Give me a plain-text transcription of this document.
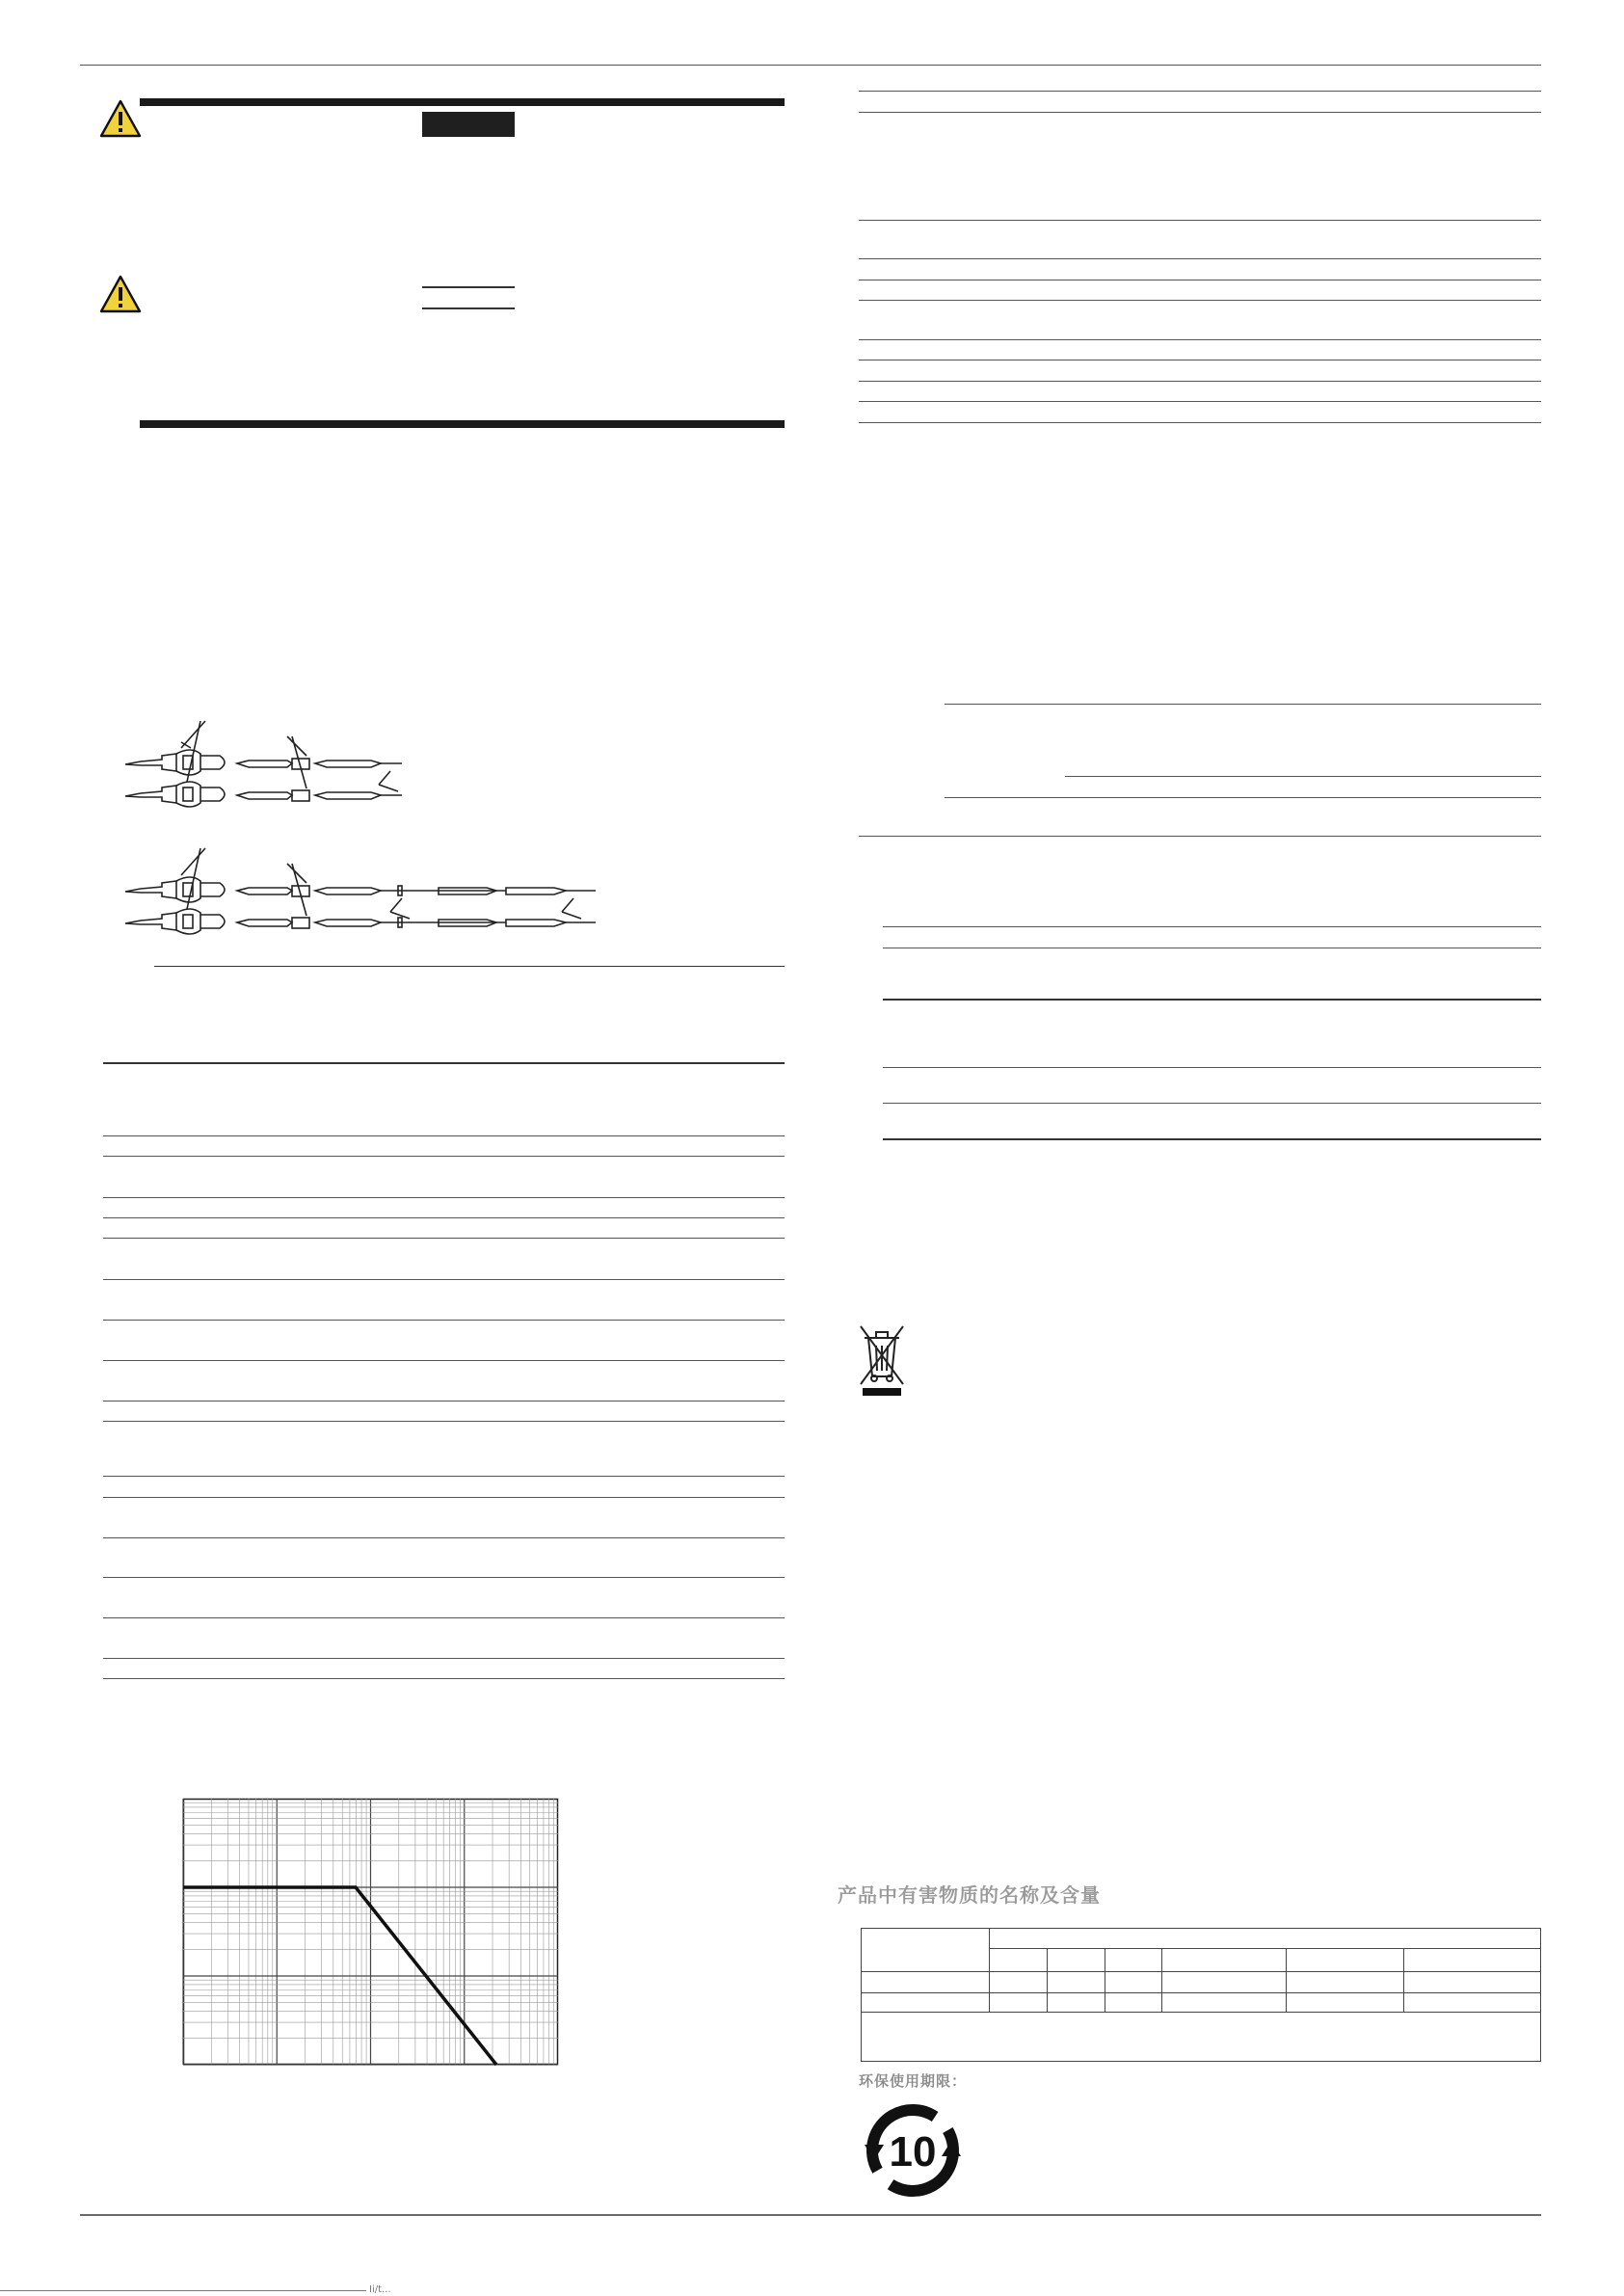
产品中有害物质的名称及含量
环保使用期限：
10
Ii/t...
